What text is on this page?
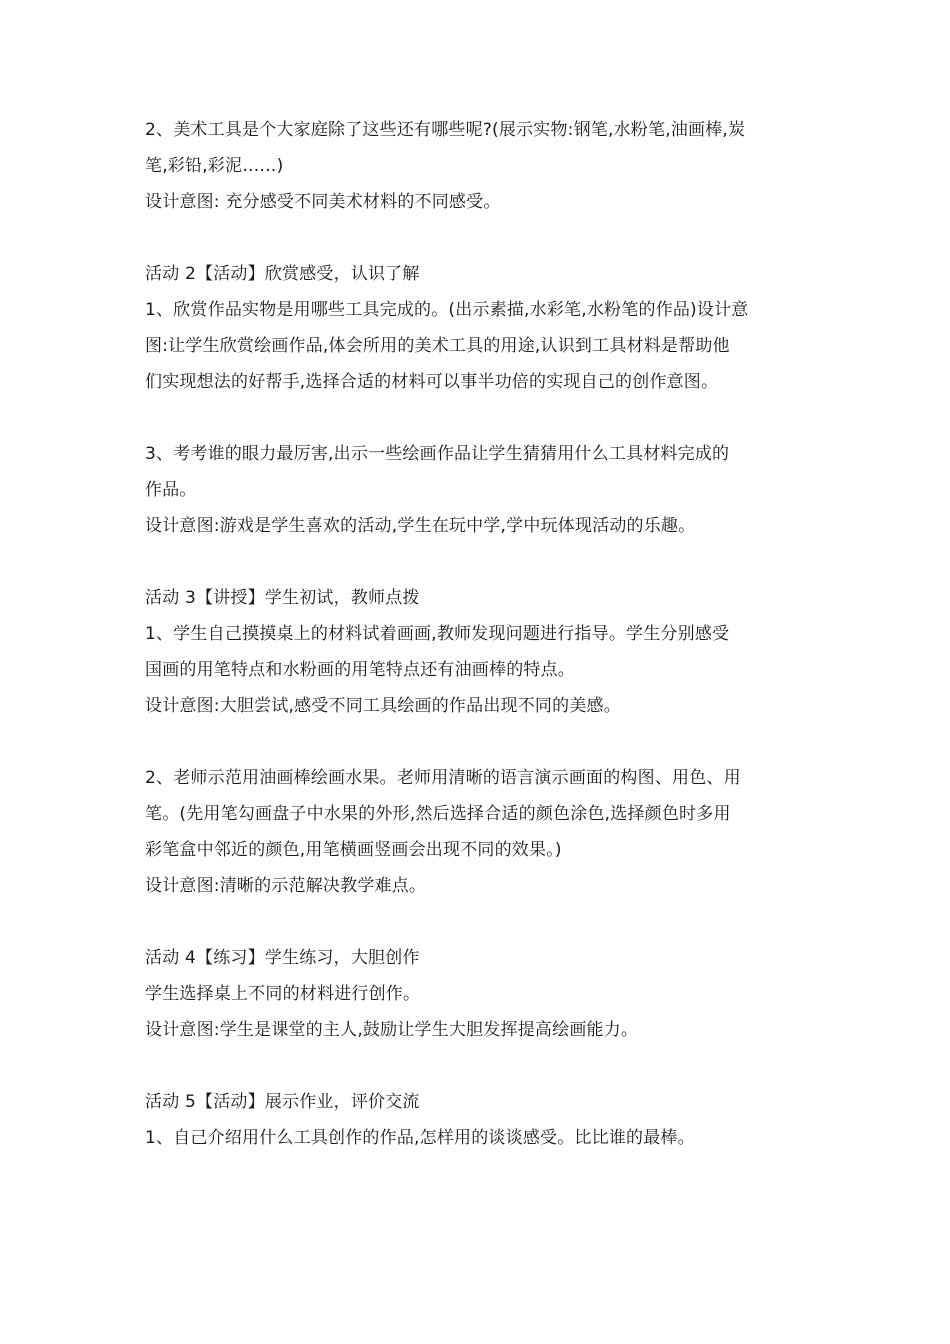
2、美术工具是个大家庭除了这些还有哪些呢?(展示实物:钢笔,水粉笔,油画棒,炭
笔,彩铅,彩泥……)
设计意图: 充分感受不同美术材料的不同感受。
活动 2【活动】欣赏感受，认识了解
1、欣赏作品实物是用哪些工具完成的。(出示素描,水彩笔,水粉笔的作品)设计意
图:让学生欣赏绘画作品,体会所用的美术工具的用途,认识到工具材料是帮助他
们实现想法的好帮手,选择合适的材料可以事半功倍的实现自己的创作意图。
3、考考谁的眼力最厉害,出示一些绘画作品让学生猜猜用什么工具材料完成的
作品。
设计意图:游戏是学生喜欢的活动,学生在玩中学,学中玩体现活动的乐趣。
活动 3【讲授】学生初试，教师点拨
1、学生自己摸摸桌上的材料试着画画,教师发现问题进行指导。学生分别感受
国画的用笔特点和水粉画的用笔特点还有油画棒的特点。
设计意图:大胆尝试,感受不同工具绘画的作品出现不同的美感。
2、老师示范用油画棒绘画水果。老师用清晰的语言演示画面的构图、用色、用
笔。(先用笔勾画盘子中水果的外形,然后选择合适的颜色涂色,选择颜色时多用
彩笔盒中邻近的颜色,用笔横画竖画会出现不同的效果。)
设计意图:清晰的示范解决教学难点。
活动 4【练习】学生练习，大胆创作
学生选择桌上不同的材料进行创作。
设计意图:学生是课堂的主人,鼓励让学生大胆发挥提高绘画能力。
活动 5【活动】展示作业，评价交流
1、自己介绍用什么工具创作的作品,怎样用的谈谈感受。比比谁的最棒。
